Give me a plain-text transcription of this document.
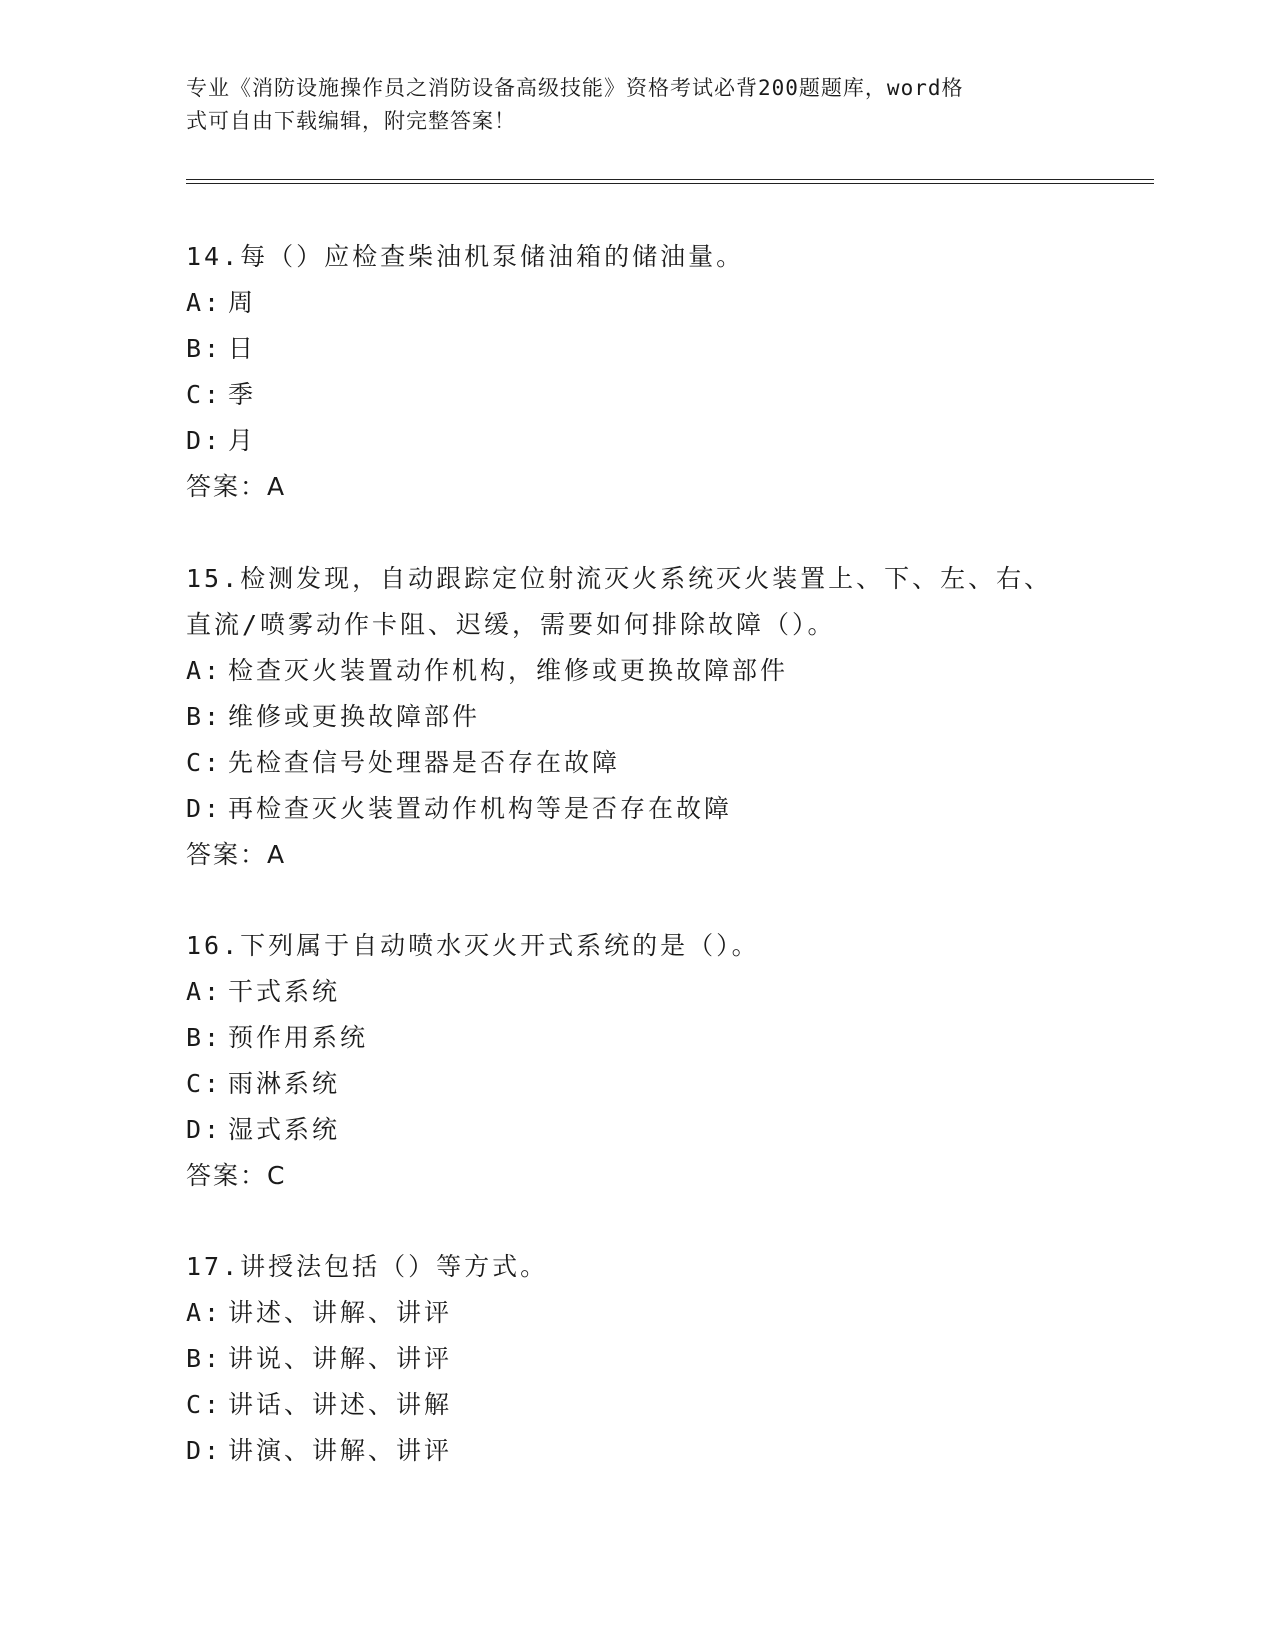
专业《消防设施操作员之消防设备高级技能》资格考试必背200题题库，word格
式可自由下载编辑，附完整答案！
14.每（）应检查柴油机泵储油箱的储油量。
A: 周
B: 日
C: 季
D: 月
答案：A
15.检测发现，自动跟踪定位射流灭火系统灭火装置上、下、左、右、
直流/喷雾动作卡阻、迟缓，需要如何排除故障（）。
A: 检查灭火装置动作机构，维修或更换故障部件
B: 维修或更换故障部件
C: 先检查信号处理器是否存在故障
D: 再检查灭火装置动作机构等是否存在故障
答案：A
16.下列属于自动喷水灭火开式系统的是（）。
A: 干式系统
B: 预作用系统
C: 雨淋系统
D: 湿式系统
答案：C
17.讲授法包括（）等方式。
A: 讲述、讲解、讲评
B: 讲说、讲解、讲评
C: 讲话、讲述、讲解
D: 讲演、讲解、讲评
